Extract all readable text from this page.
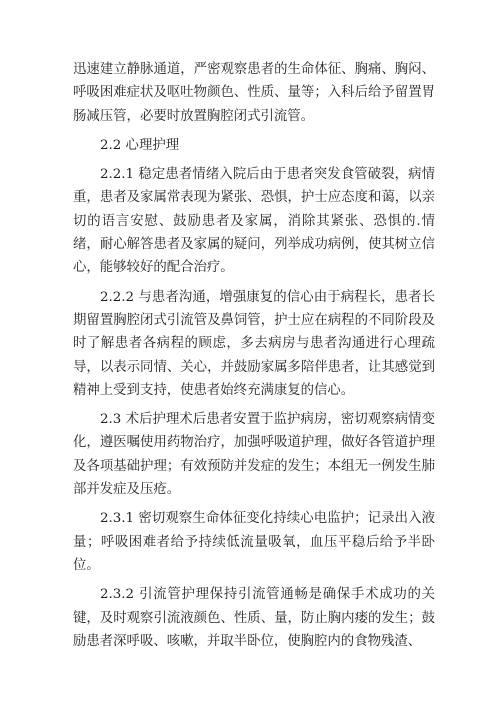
迅速建立静脉通道，严密观察患者的生命体征、胸痛、胸闷、呼吸困难症状及呕吐物颜色、性质、量等；入科后给予留置胃肠减压管，必要时放置胸腔闭式引流管。

2.2 心理护理

2.2.1 稳定患者情绪入院后由于患者突发食管破裂，病情重，患者及家属常表现为紧张、恐惧，护士应态度和蔼，以亲切的语言安慰、鼓励患者及家属，消除其紧张、恐惧的.情绪，耐心解答患者及家属的疑问，列举成功病例，使其树立信心，能够较好的配合治疗。

2.2.2 与患者沟通，增强康复的信心由于病程长，患者长期留置胸腔闭式引流管及鼻饲管，护士应在病程的不同阶段及时了解患者各病程的顾虑，多去病房与患者沟通进行心理疏导，以表示同情、关心，并鼓励家属多陪伴患者，让其感觉到精神上受到支持，使患者始终充满康复的信心。

2.3 术后护理术后患者安置于监护病房，密切观察病情变化，遵医嘱使用药物治疗，加强呼吸道护理，做好各管道护理及各项基础护理；有效预防并发症的发生；本组无一例发生肺部并发症及压疮。

2.3.1 密切观察生命体征变化持续心电监护；记录出入液量；呼吸困难者给予持续低流量吸氧，血压平稳后给予半卧位。

2.3.2 引流管护理保持引流管通畅是确保手术成功的关键，及时观察引流液颜色、性质、量，防止胸内瘘的发生；鼓励患者深呼吸、咳嗽，并取半卧位，使胸腔内的食物残渣、
